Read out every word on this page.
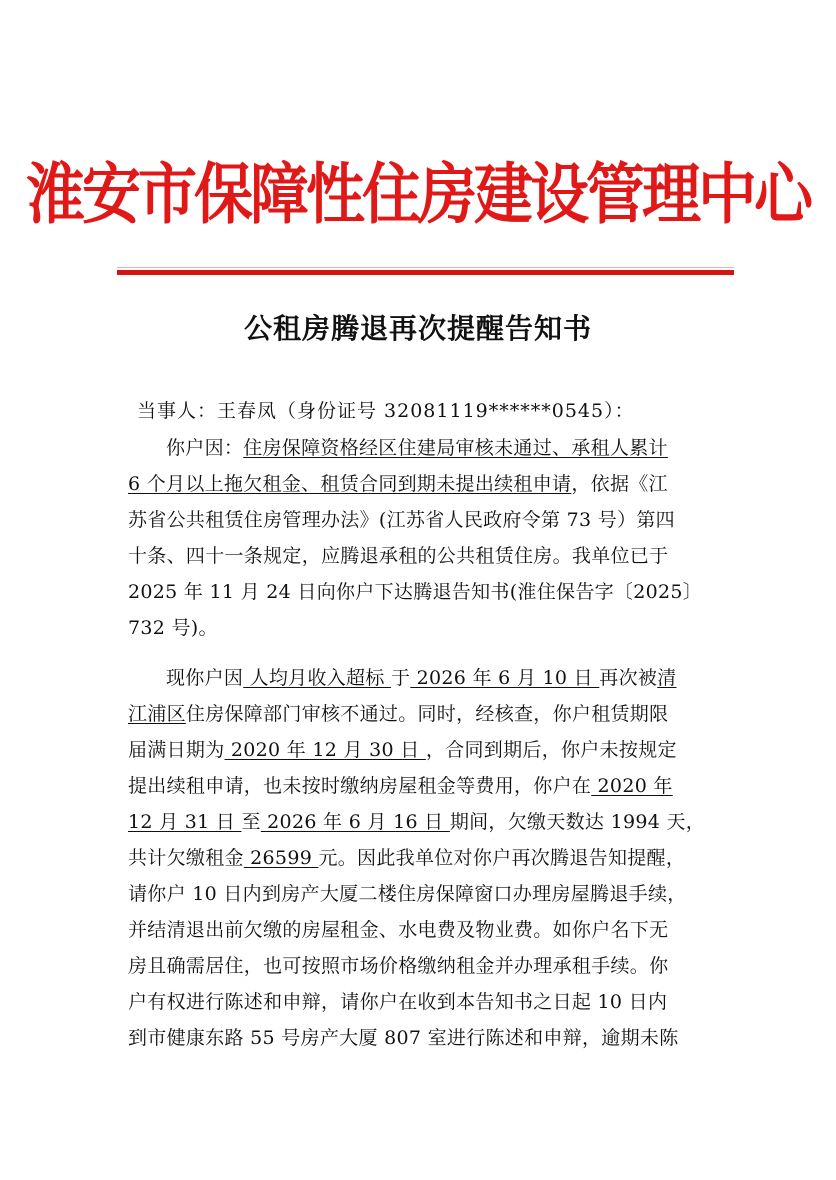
淮安市保障性住房建设管理中心
公租房腾退再次提醒告知书
当事人：王春凤（身份证号 32081119******0545）：
你户因：住房保障资格经区住建局审核未通过、承租人累计
6 个月以上拖欠租金、租赁合同到期未提出续租申请，依据《江
苏省公共租赁住房管理办法》(江苏省人民政府令第 73 号）第四
十条、四十一条规定，应腾退承租的公共租赁住房。我单位已于
2025 年 11 月 24 日向你户下达腾退告知书(淮住保告字〔2025〕
732 号)。
现你户因 人均月收入超标 于 2026 年 6 月 10 日 再次被清
江浦区住房保障部门审核不通过。同时，经核查，你户租赁期限
届满日期为 2020 年 12 月 30 日 ，合同到期后，你户未按规定
提出续租申请，也未按时缴纳房屋租金等费用，你户在 2020 年
12 月 31 日 至 2026 年 6 月 16 日 期间，欠缴天数达 1994 天，
共计欠缴租金 26599 元。因此我单位对你户再次腾退告知提醒，
请你户 10 日内到房产大厦二楼住房保障窗口办理房屋腾退手续，
并结清退出前欠缴的房屋租金、水电费及物业费。如你户名下无
房且确需居住，也可按照市场价格缴纳租金并办理承租手续。你
户有权进行陈述和申辩，请你户在收到本告知书之日起 10 日内
到市健康东路 55 号房产大厦 807 室进行陈述和申辩，逾期未陈
